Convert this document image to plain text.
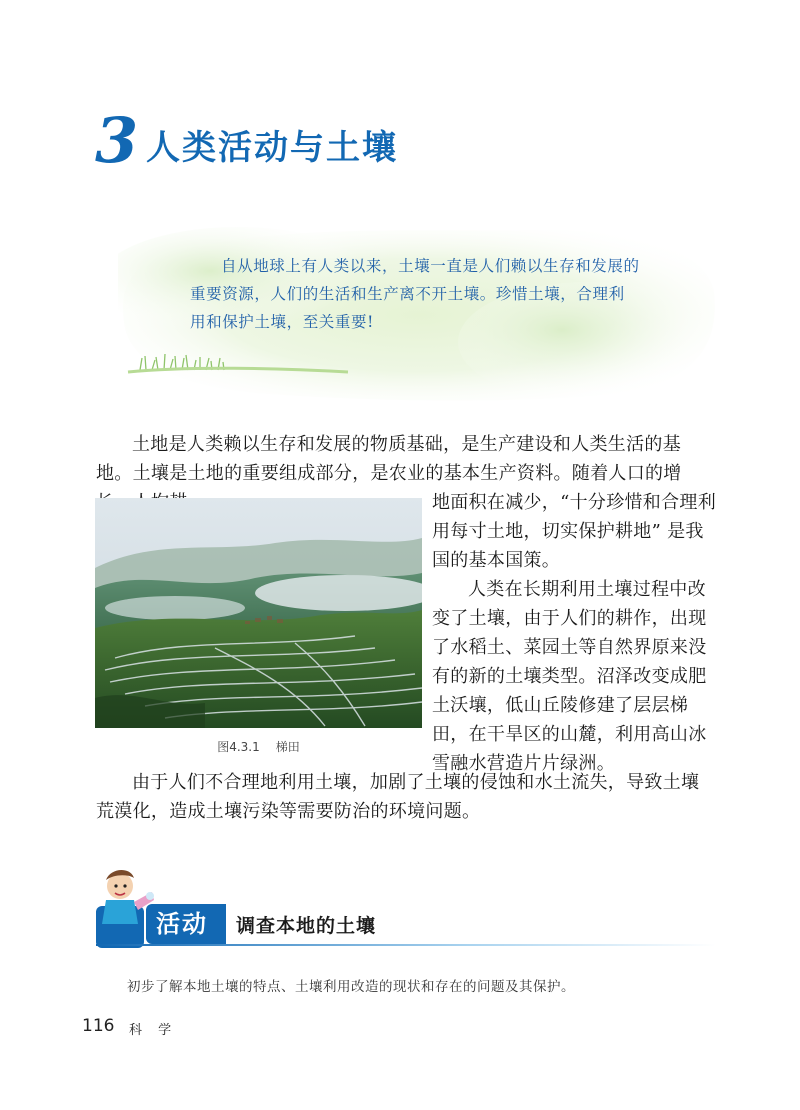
3 人类活动与土壤

自从地球上有人类以来，土壤一直是人们赖以生存和发展的重要资源，人们的生活和生产离不开土壤。珍惜土壤，合理利用和保护土壤，至关重要!

土地是人类赖以生存和发展的物质基础，是生产建设和人类生活的基地。土壤是土地的重要组成部分，是农业的基本生产资料。随着人口的增

图4.3.1 梯田

地面积在减少，“十分珍惜和合理利用每寸土地，切实保护耕地” 是我国的基本国策。

人类在长期利用土壤过程中改变了土壤，由于人们的耕作，出现了水稻土、菜园土等自然界原来没有的新的土壤类型。沼泽改变成肥土沃壤，低山丘陵修建了层层梯田，在干旱区的山麓，利用高山冰雪融水营造片片绿洲。

由于人们不合理地利用土壤，加剧了土壤的侵蚀和水土流失，导致土壤荒漠化，造成土壤污染等需要防治的环境问题。

活动 调查本地的土壤
初步了解本地土壤的特点、土壤利用改造的现状和存在的问题及其保护。
116 科 学
